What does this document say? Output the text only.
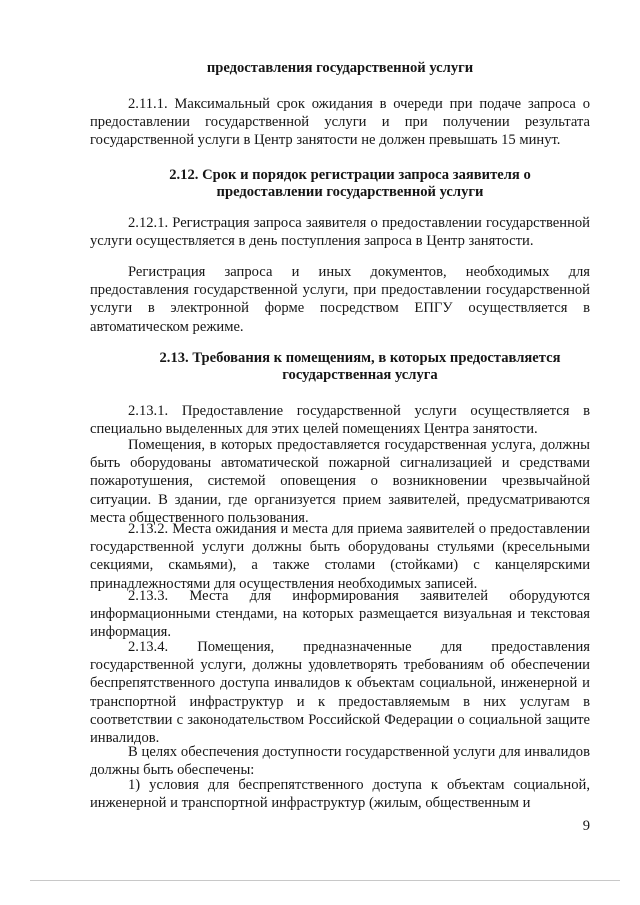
предоставления государственной услуги

2.11.1. Максимальный срок ожидания в очереди при подаче запроса о предоставлении государственной услуги и при получении результата государственной услуги в Центр занятости не должен превышать 15 минут.

2.12. Срок и порядок регистрации запроса заявителя о предоставлении государственной услуги

2.12.1. Регистрация запроса заявителя о предоставлении государственной услуги осуществляется в день поступления запроса в Центр занятости.

Регистрация запроса и иных документов, необходимых для предоставления государственной услуги, при предоставлении государственной услуги в электронной форме посредством ЕПГУ осуществляется в автоматическом режиме.

2.13. Требования к помещениям, в которых предоставляется государственная услуга

2.13.1. Предоставление государственной услуги осуществляется в специально выделенных для этих целей помещениях Центра занятости.

Помещения, в которых предоставляется государственная услуга, должны быть оборудованы автоматической пожарной сигнализацией и средствами пожаротушения, системой оповещения о возникновении чрезвычайной ситуации. В здании, где организуется прием заявителей, предусматриваются места общественного пользования.

2.13.2. Места ожидания и места для приема заявителей о предоставлении государственной услуги должны быть оборудованы стульями (кресельными секциями, скамьями), а также столами (стойками) с канцелярскими принадлежностями для осуществления необходимых записей.

2.13.3. Места для информирования заявителей оборудуются информационными стендами, на которых размещается визуальная и текстовая информация.

2.13.4. Помещения, предназначенные для предоставления государственной услуги, должны удовлетворять требованиям об обеспечении беспрепятственного доступа инвалидов к объектам социальной, инженерной и транспортной инфраструктур и к предоставляемым в них услугам в соответствии с законодательством Российской Федерации о социальной защите инвалидов.

В целях обеспечения доступности государственной услуги для инвалидов должны быть обеспечены:

1) условия для беспрепятственного доступа к объектам социальной, инженерной и транспортной инфраструктур (жилым, общественным и

9
